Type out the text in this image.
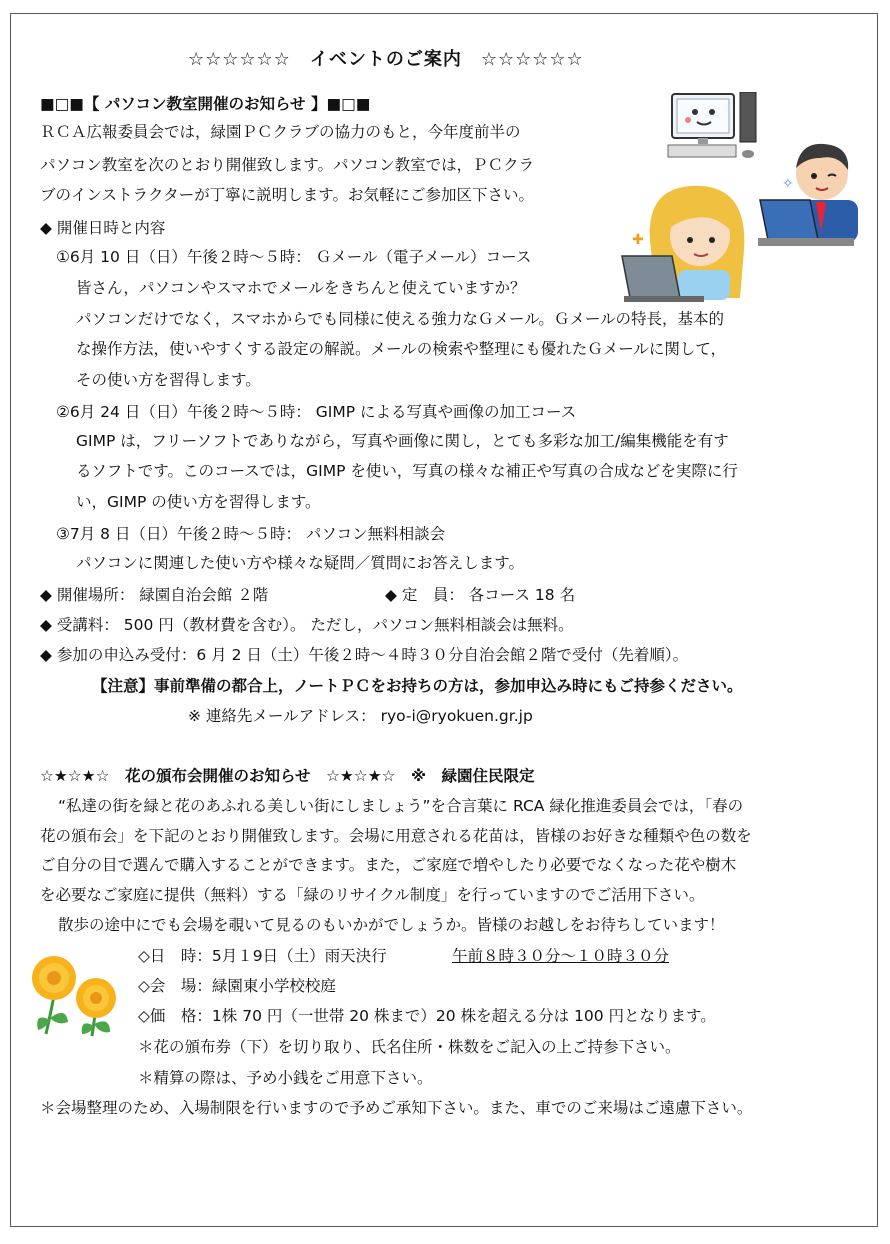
☆☆☆☆☆☆　イベントのご案内　☆☆☆☆☆☆
■□■【 パソコン教室開催のお知らせ 】■□■
ＲＣＡ広報委員会では，緑園ＰＣクラブの協力のもと，今年度前半の
パソコン教室を次のとおり開催致します。パソコン教室では，ＰＣクラ
ブのインストラクターが丁寧に説明します。お気軽にご参加区下さい。
◆ 開催日時と内容
①6月 10 日（日）午後２時～５時： Ｇメール（電子メール）コース
皆さん，パソコンやスマホでメールをきちんと使えていますか？
パソコンだけでなく，スマホからでも同様に使える強力なＧメール。Ｇメールの特長，基本的
な操作方法，使いやすくする設定の解説。メールの検索や整理にも優れたＧメールに関して，
その使い方を習得します。
②6月 24 日（日）午後２時～５時： GIMP による写真や画像の加工コース
GIMP は，フリーソフトでありながら，写真や画像に関し，とても多彩な加工/編集機能を有す
るソフトです。このコースでは，GIMP を使い，写真の様々な補正や写真の合成などを実際に行
い，GIMP の使い方を習得します。
③7月 8 日（日）午後２時～５時： パソコン無料相談会
パソコンに関連した使い方や様々な疑問／質問にお答えします。
◆ 開催場所： 緑園自治会館 ２階	◆ 定　員： 各コース 18 名
◆ 受講料： 500 円（教材費を含む）。 ただし，パソコン無料相談会は無料。
◆ 参加の申込み受付：6 月 2 日（土）午後２時～４時３０分自治会館２階で受付（先着順）。
【注意】事前準備の都合上，ノートＰＣをお持ちの方は，参加申込み時にもご持参ください。
※ 連絡先メールアドレス： ryo-i@ryokuen.gr.jp
☆★☆★☆　花の頒布会開催のお知らせ　☆★☆★☆　※　緑園住民限定
“私達の街を緑と花のあふれる美しい街にしましょう”を合言葉に RCA 緑化推進委員会では，「春の
花の頒布会」を下記のとおり開催致します。会場に用意される花苗は，皆様のお好きな種類や色の数を
ご自分の目で選んで購入することができます。また，ご家庭で増やしたり必要でなくなった花や樹木
を必要なご家庭に提供（無料）する「緑のリサイクル制度」を行っていますのでご活用下さい。
散歩の途中にでも会場を覗いて見るのもいかがでしょうか。皆様のお越しをお待ちしています！
◇日　時：5月１9日（土）雨天決行	午前８時３０分～１０時３０分
◇会　場：緑園東小学校校庭
◇価　格：1株 70 円（一世帯 20 株まで）20 株を超える分は 100 円となります。
＊花の頒布券（下）を切り取り、氏名住所・株数をご記入の上ご持参下さい。
＊精算の際は、予め小銭をご用意下さい。
＊会場整理のため、入場制限を行いますので予めご承知下さい。また、車でのご来場はご遠慮下さい。
✧
✚
